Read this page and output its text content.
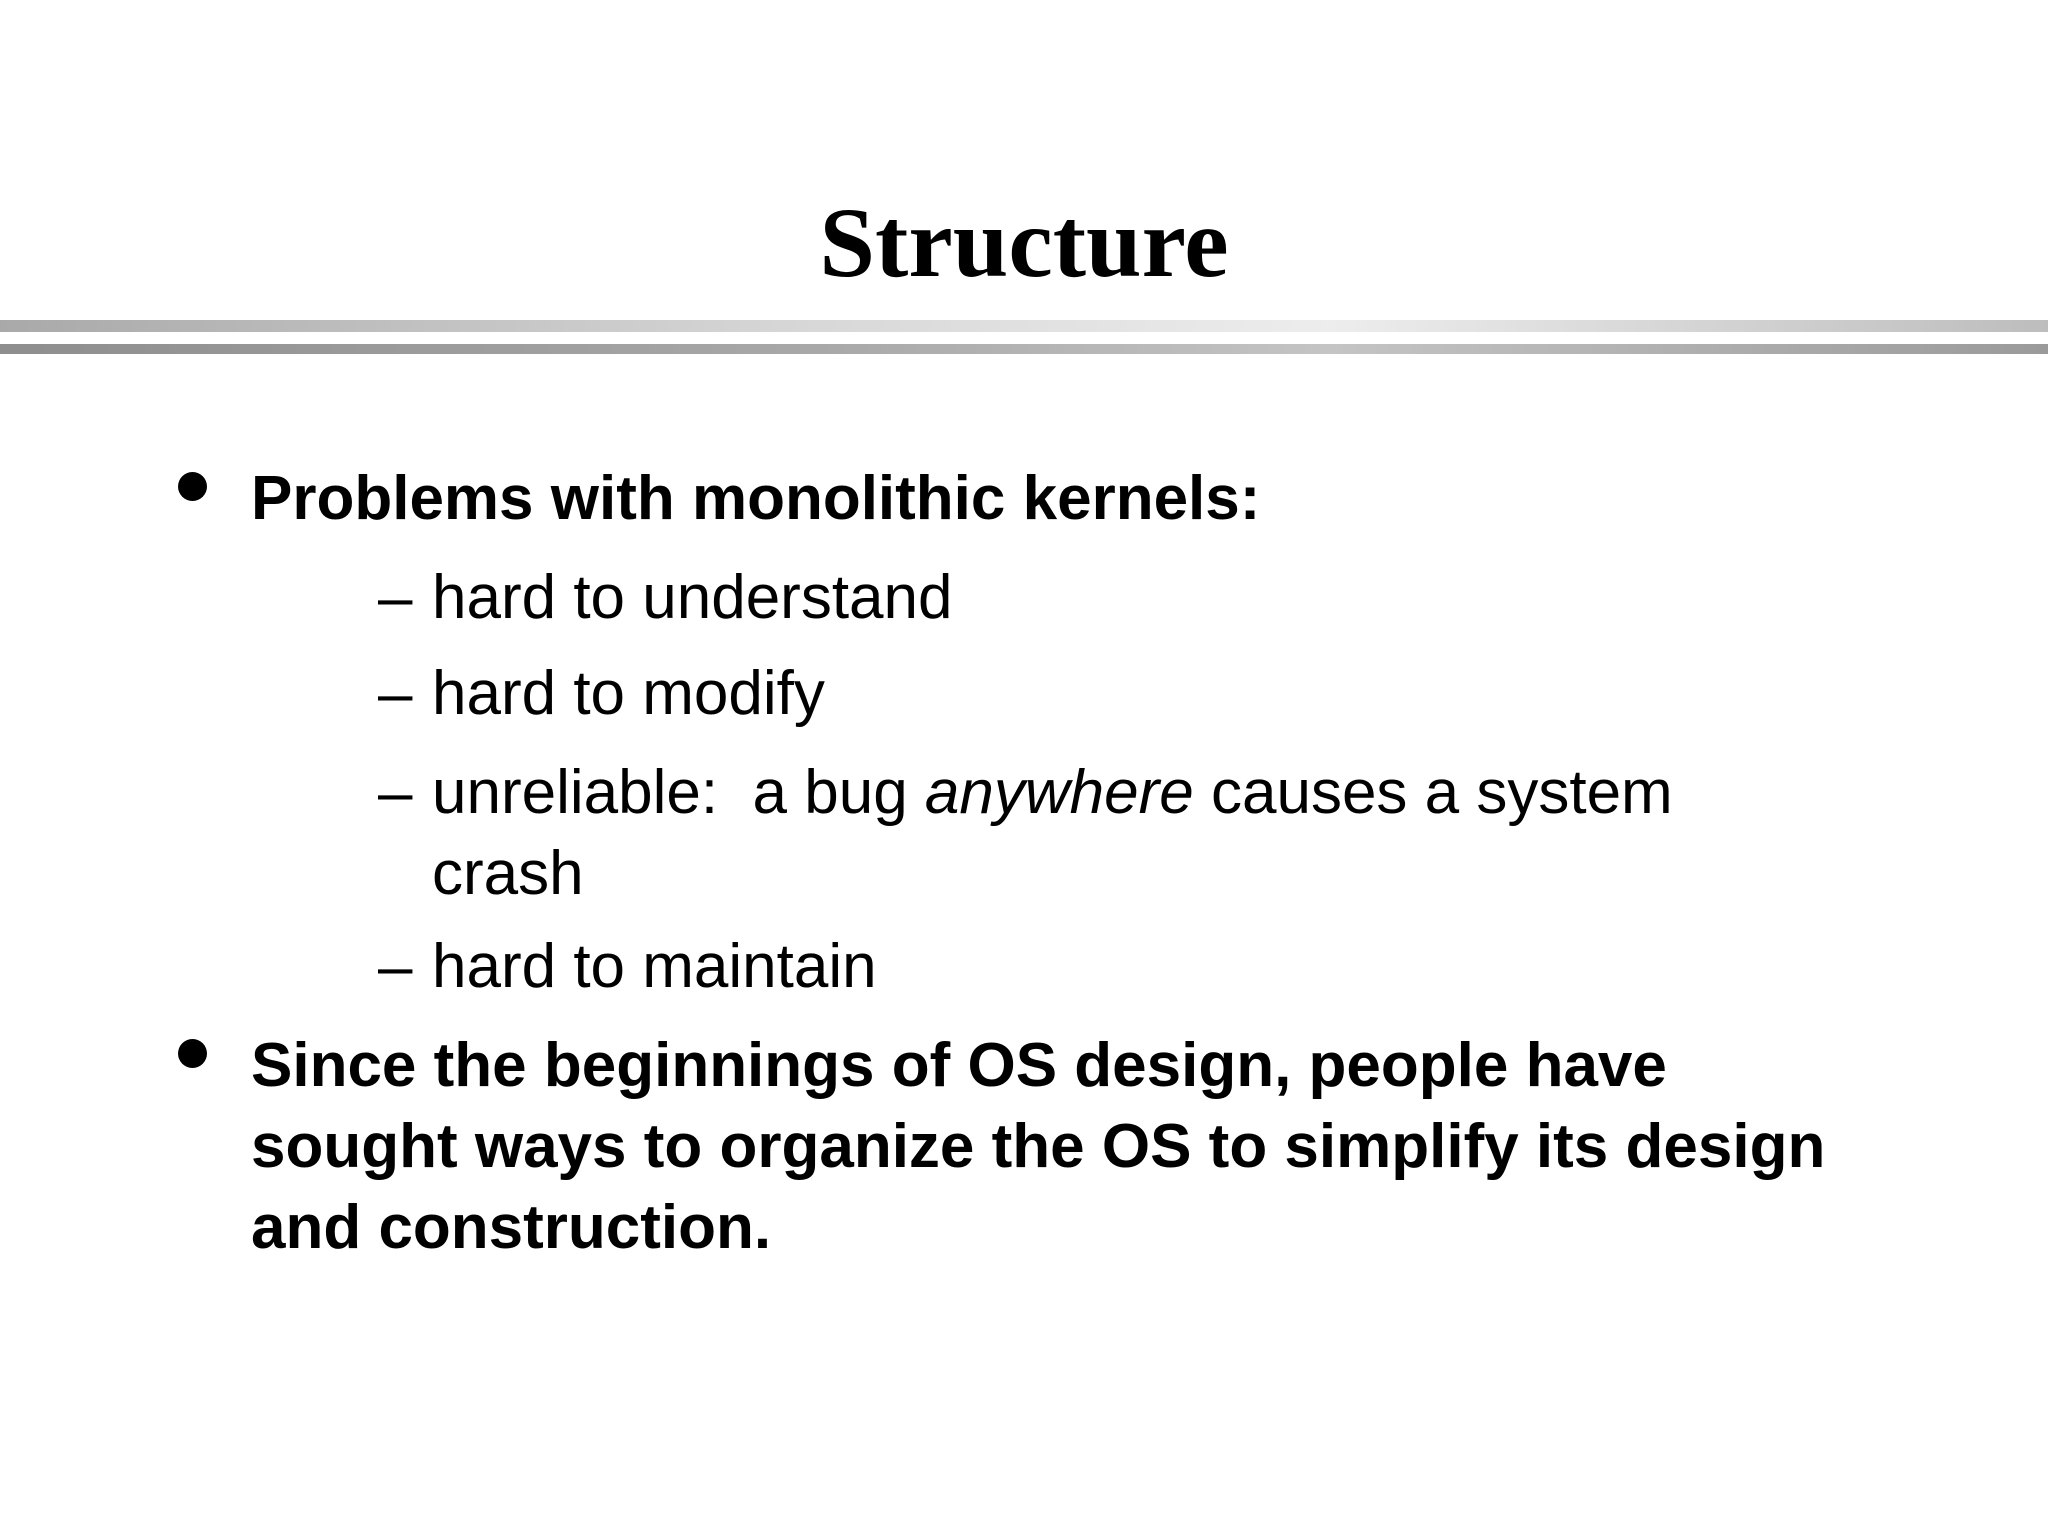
Structure

Problems with monolithic kernels:

– hard to understand
– hard to modify
– unreliable:  a bug anywhere causes a system crash
– hard to maintain

Since the beginnings of OS design, people have sought ways to organize the OS to simplify its design and construction.
